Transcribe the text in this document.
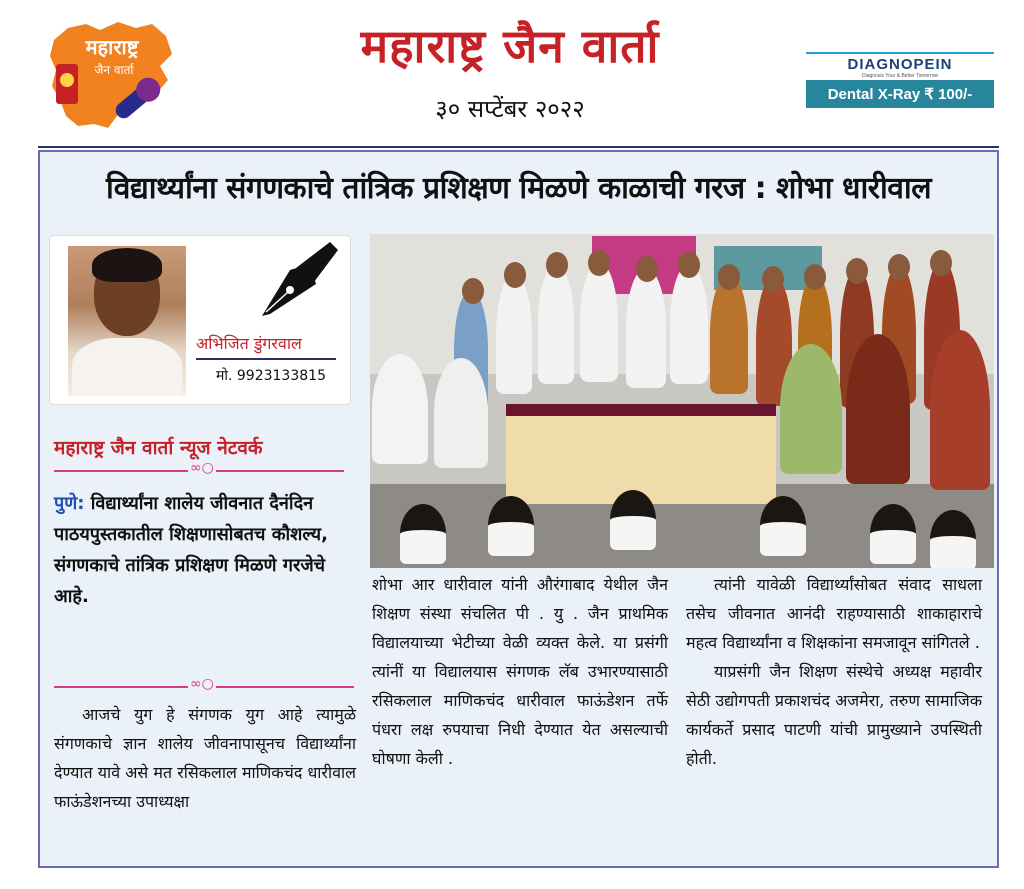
महाराष्ट्र
जैन वार्ता	महाराष्ट्र जैन वार्ता
३० सप्टेंबर २०२२
DIAGNOPEIN
Diagnosis Your & Better Tomorrow
Dental X-Ray ₹ 100/-
विद्यार्थ्यांना संगणकाचे तांत्रिक प्रशिक्षण मिळणे काळाची गरज : शोभा धारीवाल
अभिजित डुंगरवाल
मो. 9923133815
महाराष्ट्र जैन वार्ता न्यूज नेटवर्क
∞○
पुणे: विद्यार्थ्यांना शालेय जीवनात दैनंदिन पाठयपुस्तकातील शिक्षणासोबतच कौशल्य, संगणकाचे तांत्रिक प्रशिक्षण मिळणे गरजेचे आहे.
∞○
आजचे युग हे संगणक युग आहे त्यामुळे संगणकाचे ज्ञान शालेय जीवनापासूनच विद्यार्थ्यांना देण्यात यावे असे मत रसिकलाल माणिकचंद धारीवाल फाऊंडेशनच्या उपाध्यक्षा
शोभा आर धारीवाल यांनी औरंगाबाद येथील जैन शिक्षण संस्था संचलित पी . यु . जैन प्राथमिक विद्यालयाच्या भेटीच्या वेळी व्यक्त केले. या प्रसंगी त्यांनीं या विद्यालयास संगणक लॅब उभारण्यासाठी रसिकलाल माणिकचंद धारीवाल फाऊंडेशन तर्फे पंधरा लक्ष रुपयाचा निधी देण्यात येत असल्याची घोषणा केली .

त्यांनी यावेळी विद्यार्थ्यांसोबत संवाद साधला तसेच जीवनात आनंदी राहण्यासाठी शाकाहाराचे महत्व विद्यार्थ्यांना व शिक्षकांना समजावून सांगितले .

याप्रसंगी जैन शिक्षण संस्थेचे अध्यक्ष महावीर सेठी उद्योगपती प्रकाशचंद अजमेरा, तरुण सामाजिक कार्यकर्ते प्रसाद पाटणी यांची प्रामुख्याने उपस्थिती होती.
